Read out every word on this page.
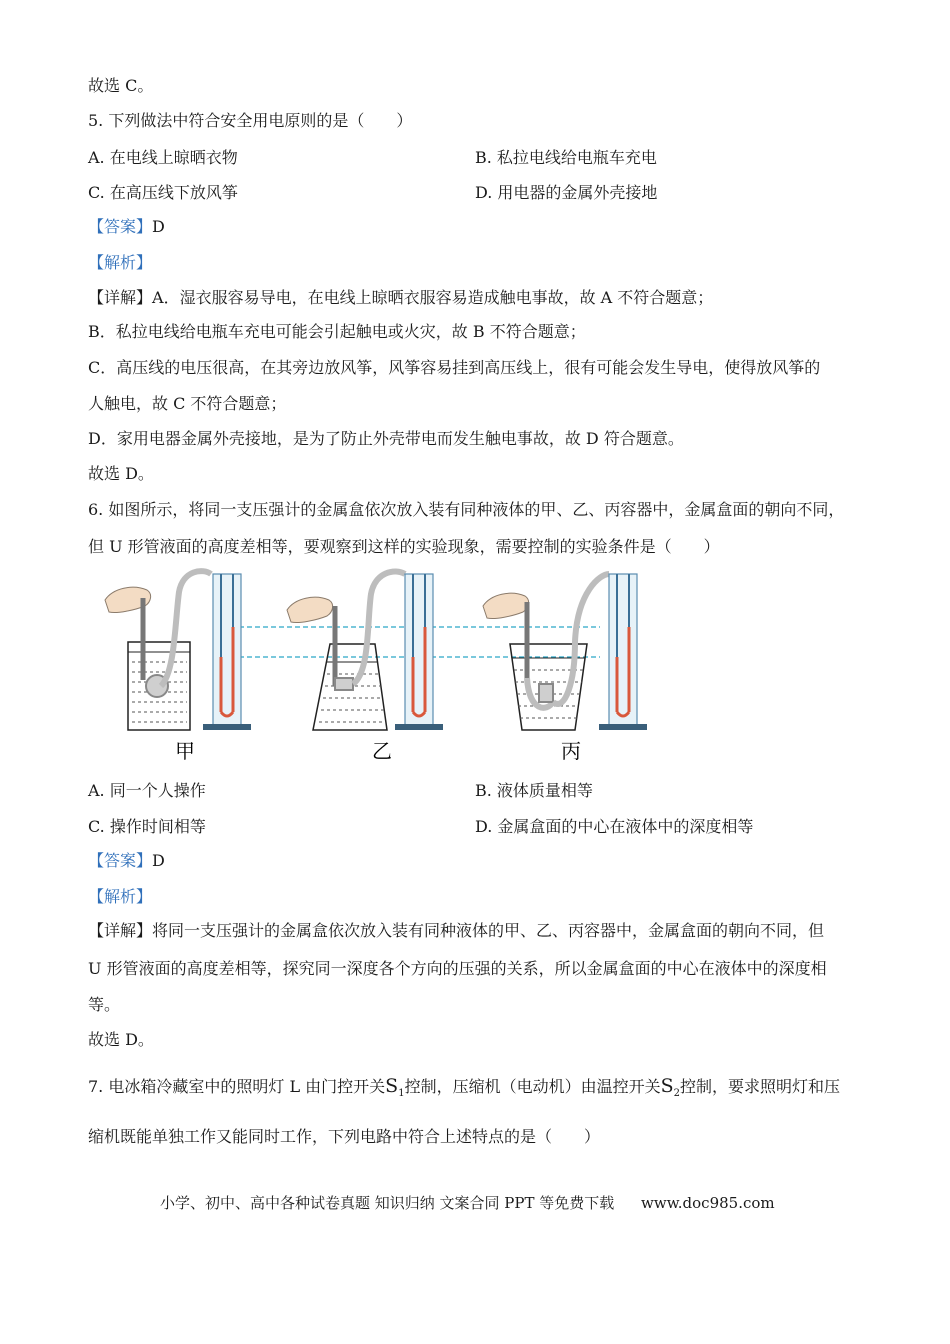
故选 C。
5. 下列做法中符合安全用电原则的是（　　）
A. 在电线上晾晒衣物	B. 私拉电线给电瓶车充电
C. 在高压线下放风筝	D. 用电器的金属外壳接地
【答案】D
【解析】
【详解】A．湿衣服容易导电，在电线上晾晒衣服容易造成触电事故，故 A 不符合题意；
B．私拉电线给电瓶车充电可能会引起触电或火灾，故 B 不符合题意；
C．高压线的电压很高，在其旁边放风筝，风筝容易挂到高压线上，很有可能会发生导电，使得放风筝的
人触电，故 C 不符合题意；
D．家用电器金属外壳接地，是为了防止外壳带电而发生触电事故，故 D 符合题意。
故选 D。
6. 如图所示，将同一支压强计的金属盒依次放入装有同种液体的甲、乙、丙容器中，金属盒面的朝向不同，
但 U 形管液面的高度差相等，要观察到这样的实验现象，需要控制的实验条件是（　　）
甲	乙	丙
A. 同一个人操作	B. 液体质量相等
C. 操作时间相等	D. 金属盒面的中心在液体中的深度相等
【答案】D
【解析】
【详解】将同一支压强计的金属盒依次放入装有同种液体的甲、乙、丙容器中，金属盒面的朝向不同，但
U 形管液面的高度差相等，探究同一深度各个方向的压强的关系，所以金属盒面的中心在液体中的深度相
等。
故选 D。
7. 电冰箱冷藏室中的照明灯 L 由门控开关$S_1$控制，压缩机（电动机）由温控开关$S_2$控制，要求照明灯和压
缩机既能单独工作又能同时工作，下列电路中符合上述特点的是（　　）
小学、初中、高中各种试卷真题 知识归纳 文案合同 PPT 等免费下载 www.doc985.com
